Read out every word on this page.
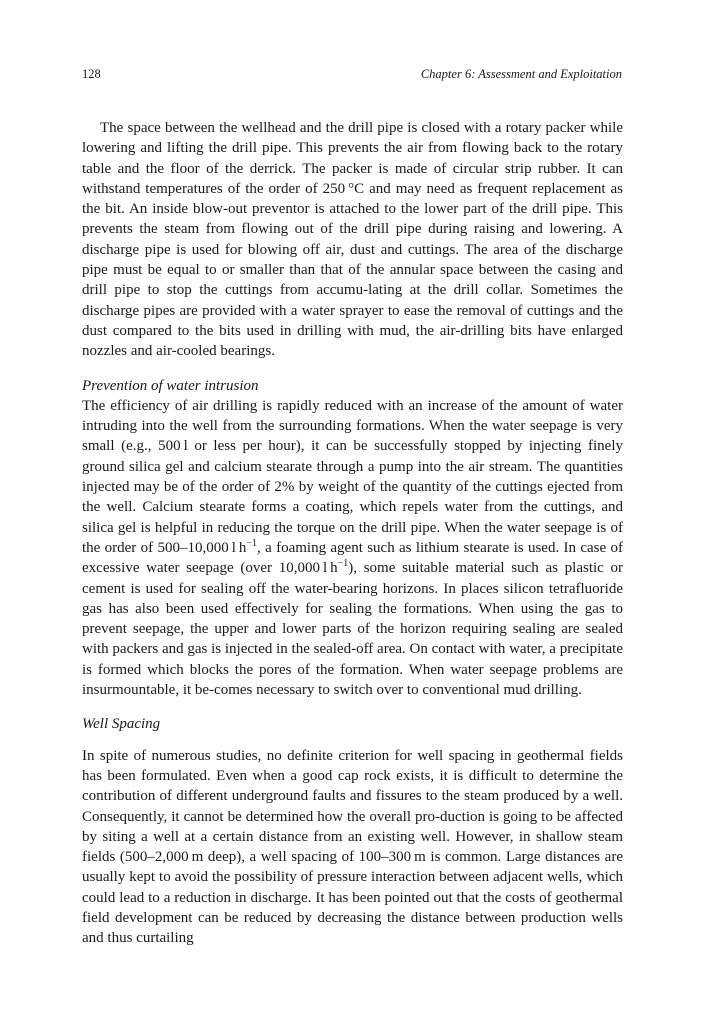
128	Chapter 6: Assessment and Exploitation

The space between the wellhead and the drill pipe is closed with a rotary packer while lowering and lifting the drill pipe. This prevents the air from flowing back to the rotary table and the floor of the derrick. The packer is made of circular strip rubber. It can withstand temperatures of the order of 250 °C and may need as frequent replacement as the bit. An inside blow-out preventor is attached to the lower part of the drill pipe. This prevents the steam from flowing out of the drill pipe during raising and lowering. A discharge pipe is used for blowing off air, dust and cuttings. The area of the discharge pipe must be equal to or smaller than that of the annular space between the casing and drill pipe to stop the cuttings from accumu-lating at the drill collar. Sometimes the discharge pipes are provided with a water sprayer to ease the removal of cuttings and the dust compared to the bits used in drilling with mud, the air-drilling bits have enlarged nozzles and air-cooled bearings.

Prevention of water intrusion

The efficiency of air drilling is rapidly reduced with an increase of the amount of water intruding into the well from the surrounding formations. When the water seepage is very small (e.g., 500 l or less per hour), it can be successfully stopped by injecting finely ground silica gel and calcium stearate through a pump into the air stream. The quantities injected may be of the order of 2% by weight of the quantity of the cuttings ejected from the well. Calcium stearate forms a coating, which repels water from the cuttings, and silica gel is helpful in reducing the torque on the drill pipe. When the water seepage is of the order of 500–10,000 l $h^{-1}$, a foaming agent such as lithium stearate is used. In case of excessive water seepage (over 10,000 l $h^{-1}$), some suitable material such as plastic or cement is used for sealing off the water-bearing horizons. In places silicon tetrafluoride gas has also been used effectively for sealing the formations. When using the gas to prevent seepage, the upper and lower parts of the horizon requiring sealing are sealed with packers and gas is injected in the sealed-off area. On contact with water, a precipitate is formed which blocks the pores of the formation. When water seepage problems are insurmountable, it be-comes necessary to switch over to conventional mud drilling.

Well Spacing

In spite of numerous studies, no definite criterion for well spacing in geothermal fields has been formulated. Even when a good cap rock exists, it is difficult to determine the contribution of different underground faults and fissures to the steam produced by a well. Consequently, it cannot be determined how the overall pro-duction is going to be affected by siting a well at a certain distance from an existing well. However, in shallow steam fields (500–2,000 m deep), a well spacing of 100–300 m is common. Large distances are usually kept to avoid the possibility of pressure interaction between adjacent wells, which could lead to a reduction in discharge. It has been pointed out that the costs of geothermal field development can be reduced by decreasing the distance between production wells and thus curtailing
